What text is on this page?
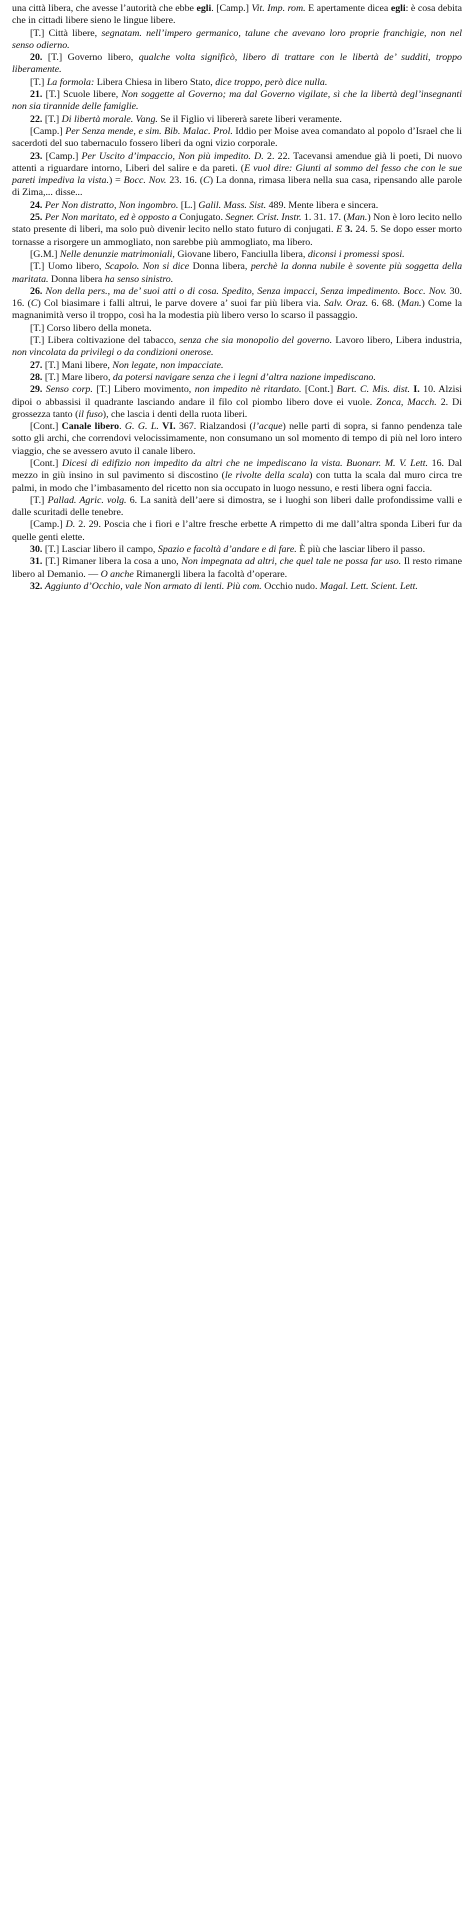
una città libera, che avesse l’autorità che ebbe egli. [Camp.] Vit. Imp. rom. E apertamente dicea egli: è cosa debita che in cittadi libere sieno le lingue libere.

[T.] Città libere, segnatam. nell’impero germanico, talune che avevano loro proprie franchigie, non nel senso odierno.

20. [T.] Governo libero, qualche volta significò, libero di trattare con le libertà de’ sudditi, troppo liberamente.

[T.] La formola: Libera Chiesa in libero Stato, dice troppo, però dice nulla.

21. [T.] Scuole libere, Non soggette al Governo; ma dal Governo vigilate, sì che la libertà degl’insegnanti non sia tirannide delle famiglie.

22. [T.] Di libertà morale. Vang. Se il Figlio vi libererà sarete liberi veramente.

[Camp.] Per Senza mende, e sim. Bib. Malac. Prol. Iddio per Moise avea comandato al popolo d’Israel che li sacerdoti del suo tabernaculo fossero liberi da ogni vizio corporale.

23. [Camp.] Per Uscito d’impaccio, Non più impedito. D. 2. 22. Tacevansi amendue già li poeti, Di nuovo attenti a riguardare intorno, Liberi del salire e da pareti. (E vuol dire: Giunti al sommo del fesso che con le sue pareti impediva la vista.) = Bocc. Nov. 23. 16. (C) La donna, rimasa libera nella sua casa, ripensando alle parole di Zima,... disse...

24. Per Non distratto, Non ingombro. [L.] Galil. Mass. Sist. 489. Mente libera e sincera.

25. Per Non maritato, ed è opposto a Conjugato. Segner. Crist. Instr. 1. 31. 17. (Man.) Non è loro lecito nello stato presente di liberi, ma solo può divenir lecito nello stato futuro di conjugati. E 3. 24. 5. Se dopo esser morto tornasse a risorgere un ammogliato, non sarebbe più ammogliato, ma libero.

[G.M.] Nelle denunzie matrimoniali, Giovane libero, Fanciulla libera, diconsi i promessi sposi.

[T.] Uomo libero, Scapolo. Non si dice Donna libera, perchè la donna nubile è sovente più soggetta della maritata. Donna libera ha senso sinistro.

26. Non della pers., ma de’ suoi atti o di cosa. Spedito, Senza impacci, Senza impedimento. Bocc. Nov. 30. 16. (C) Col biasimare i falli altrui, le parve dovere a’ suoi far più libera via. Salv. Oraz. 6. 68. (Man.) Come la magnanimità verso il troppo, così ha la modestia più libero verso lo scarso il passaggio.

[T.] Corso libero della moneta.

[T.] Libera coltivazione del tabacco, senza che sia monopolio del governo. Lavoro libero, Libera industria, non vincolata da privilegi o da condizioni onerose.

27. [T.] Mani libere, Non legate, non impacciate.

28. [T.] Mare libero, da potersi navigare senza che i legni d’altra nazione impediscano.

29. Senso corp. [T.] Libero movimento, non impedito nè ritardato. [Cont.] Bart. C. Mis. dist. I. 10. Alzisi dipoi o abbassisi il quadrante lasciando andare il filo col piombo libero dove ei vuole. Zonca, Macch. 2. Di grossezza tanto (il fuso), che lascia i denti della ruota liberi.

[Cont.] Canale libero. G. G. L. VI. 367. Rialzandosi (l’acque) nelle parti di sopra, si fanno pendenza tale sotto gli archi, che correndovi velocissimamente, non consumano un sol momento di tempo di più nel loro intero viaggio, che se avessero avuto il canale libero.

[Cont.] Dicesi di edifizio non impedito da altri che ne impediscano la vista. Buonarr. M. V. Lett. 16. Dal mezzo in giù insino in sul pavimento si discostino (le rivolte della scala) con tutta la scala dal muro circa tre palmi, in modo che l’imbasamento del ricetto non sia occupato in luogo nessuno, e resti libera ogni faccia.

[T.] Pallad. Agric. volg. 6. La sanità dell’aere si dimostra, se i luoghi son liberi dalle profondissime valli e dalle scuritadi delle tenebre.

[Camp.] D. 2. 29. Poscia che i fiori e l’altre fresche erbette A rimpetto di me dall’altra sponda Liberi fur da quelle genti elette.

30. [T.] Lasciar libero il campo, Spazio e facoltà d’andare e di fare. È più che lasciar libero il passo.

31. [T.] Rimaner libera la cosa a uno, Non impegnata ad altri, che quel tale ne possa far uso. Il resto rimane libero al Demanio. — O anche Rimanergli libera la facoltà d’operare.

32. Aggiunto d’Occhio, vale Non armato di lenti. Più com. Occhio nudo. Magal. Lett. Scient. Lett.
